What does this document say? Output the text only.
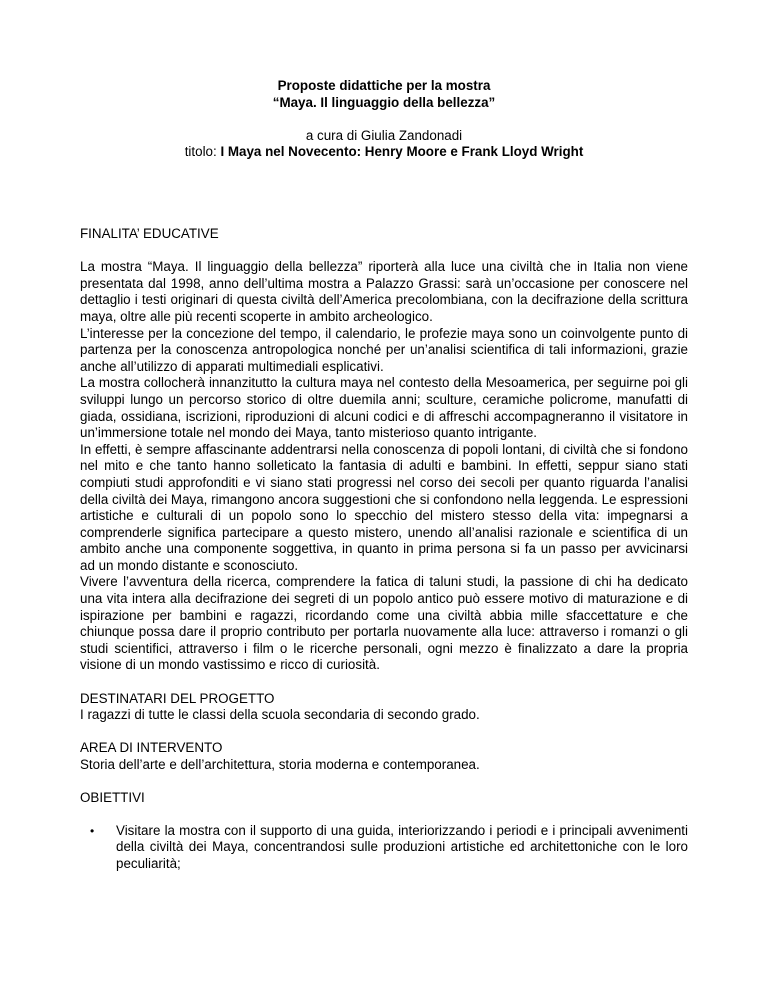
Proposte didattiche per la mostra
“Maya. Il linguaggio della bellezza”
a cura di Giulia Zandonadi
titolo: I Maya nel Novecento: Henry Moore e Frank Lloyd Wright

FINALITA’ EDUCATIVE

La mostra “Maya. Il linguaggio della bellezza” riporterà alla luce una civiltà che in Italia non viene presentata dal 1998, anno dell’ultima mostra a Palazzo Grassi: sarà un’occasione per conoscere nel dettaglio i testi originari di questa civiltà dell’America precolombiana, con la decifrazione della scrittura maya, oltre alle più recenti scoperte in ambito archeologico.

L’interesse per la concezione del tempo, il calendario, le profezie maya sono un coinvolgente punto di partenza per la conoscenza antropologica nonché per un’analisi scientifica di tali informazioni, grazie anche all’utilizzo di apparati multimediali esplicativi.

La mostra collocherà innanzitutto la cultura maya nel contesto della Mesoamerica, per seguirne poi gli sviluppi lungo un percorso storico di oltre duemila anni; sculture, ceramiche policrome, manufatti di giada, ossidiana, iscrizioni, riproduzioni di alcuni codici e di affreschi accompagneranno il visitatore in un’immersione totale nel mondo dei Maya, tanto misterioso quanto intrigante.

In effetti, è sempre affascinante addentrarsi nella conoscenza di popoli lontani, di civiltà che si fondono nel mito e che tanto hanno solleticato la fantasia di adulti e bambini. In effetti, seppur siano stati compiuti studi approfonditi e vi siano stati progressi nel corso dei secoli per quanto riguarda l’analisi della civiltà dei Maya, rimangono ancora suggestioni che si confondono nella leggenda. Le espressioni artistiche e culturali di un popolo sono lo specchio del mistero stesso della vita: impegnarsi a comprenderle significa partecipare a questo mistero, unendo all’analisi razionale e scientifica di un ambito anche una componente soggettiva, in quanto in prima persona si fa un passo per avvicinarsi ad un mondo distante e sconosciuto.

Vivere l’avventura della ricerca, comprendere la fatica di taluni studi, la passione di chi ha dedicato una vita intera alla decifrazione dei segreti di un popolo antico può essere motivo di maturazione e di ispirazione per bambini e ragazzi, ricordando come una civiltà abbia mille sfaccettature e che chiunque possa dare il proprio contributo per portarla nuovamente alla luce: attraverso i romanzi o gli studi scientifici, attraverso i film o le ricerche personali, ogni mezzo è finalizzato a dare la propria visione di un mondo vastissimo e ricco di curiosità.

DESTINATARI DEL PROGETTO

I ragazzi di tutte le classi della scuola secondaria di secondo grado.

AREA DI INTERVENTO

Storia dell’arte e dell’architettura, storia moderna e contemporanea.

OBIETTIVI

• Visitare la mostra con il supporto di una guida, interiorizzando i periodi e i principali avvenimenti della civiltà dei Maya, concentrandosi sulle produzioni artistiche ed architettoniche con le loro peculiarità;
